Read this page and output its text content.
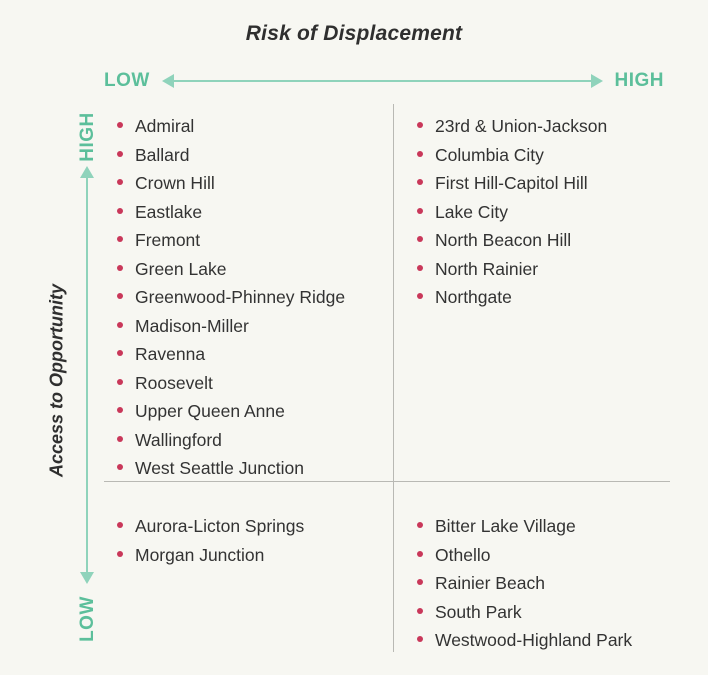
Risk of Displacement
LOW	HIGH
Access to Opportunity
HIGH
LOW
Admiral
Ballard
Crown Hill
Eastlake
Fremont
Green Lake
Greenwood-Phinney Ridge
Madison-Miller
Ravenna
Roosevelt
Upper Queen Anne
Wallingford
West Seattle Junction
23rd & Union-Jackson
Columbia City
First Hill-Capitol Hill
Lake City
North Beacon Hill
North Rainier
Northgate
Aurora-Licton Springs
Morgan Junction
Bitter Lake Village
Othello
Rainier Beach
South Park
Westwood-Highland Park
